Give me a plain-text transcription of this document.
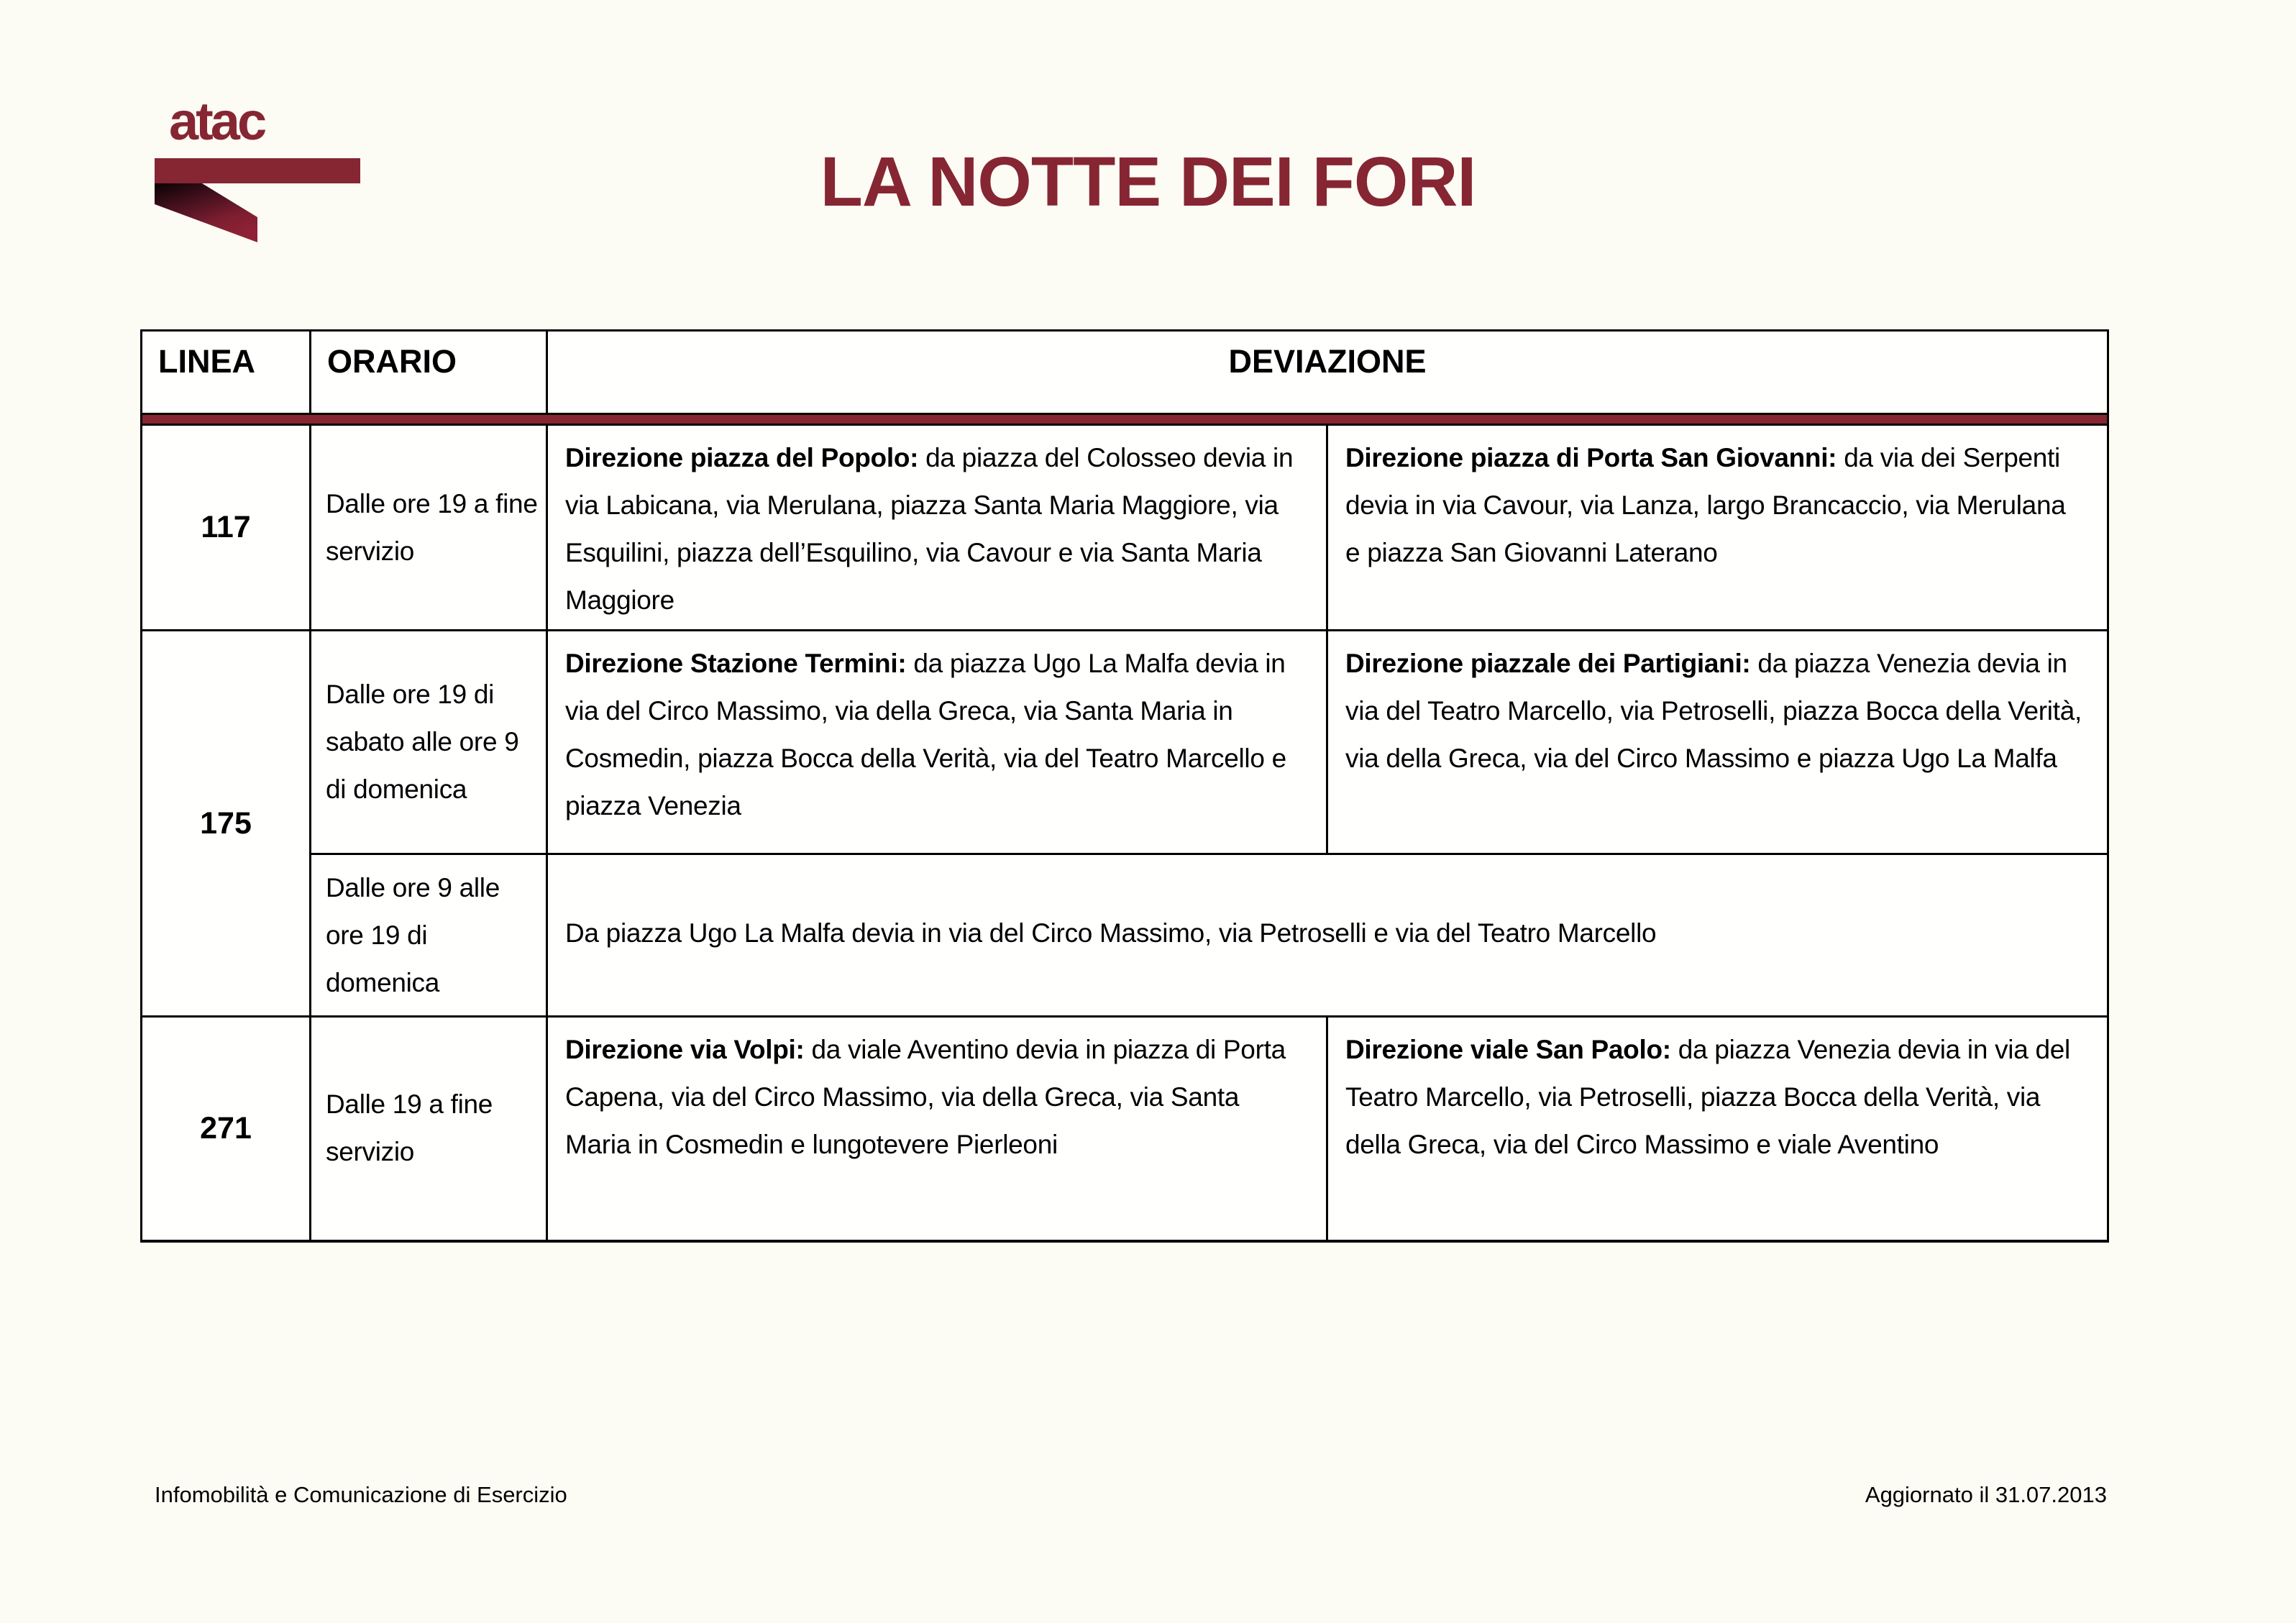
atac
LA NOTTE DEI FORI
LINEA	ORARIO	DEVIAZIONE	

117	Dalle ore 19 a fine servizio	Direzione piazza del Popolo: da piazza del Colosseo devia in via Labicana, via Merulana, piazza Santa Maria Maggiore, via Esquilini, piazza dell’Esquilino, via Cavour e via Santa Maria Maggiore	Direzione piazza di Porta San Giovanni: da via dei Serpenti devia in via Cavour, via Lanza, largo Brancaccio, via Merulana e piazza San Giovanni Laterano
175	Dalle ore 19 di sabato alle ore 9 di domenica	Direzione Stazione Termini: da piazza Ugo La Malfa devia in via del Circo Massimo, via della Greca, via Santa Maria in Cosmedin, piazza Bocca della Verità, via del Teatro Marcello e piazza Venezia	Direzione piazzale dei Partigiani: da piazza Venezia devia in via del Teatro Marcello, via Petroselli, piazza Bocca della Verità, via della Greca, via del Circo Massimo e piazza Ugo La Malfa
	Dalle ore 9 alle ore 19 di domenica	Da piazza Ugo La Malfa devia in via del Circo Massimo, via Petroselli e via del Teatro Marcello	
271	Dalle 19 a fine servizio	Direzione via Volpi: da viale Aventino devia in piazza di Porta Capena, via del Circo Massimo, via della Greca, via Santa Maria in Cosmedin e lungotevere Pierleoni	Direzione viale San Paolo: da piazza Venezia devia in via del Teatro Marcello, via Petroselli, piazza Bocca della Verità, via della Greca, via del Circo Massimo e viale Aventino
Infomobilità e Comunicazione di Esercizio	Aggiornato il 31.07.2013
